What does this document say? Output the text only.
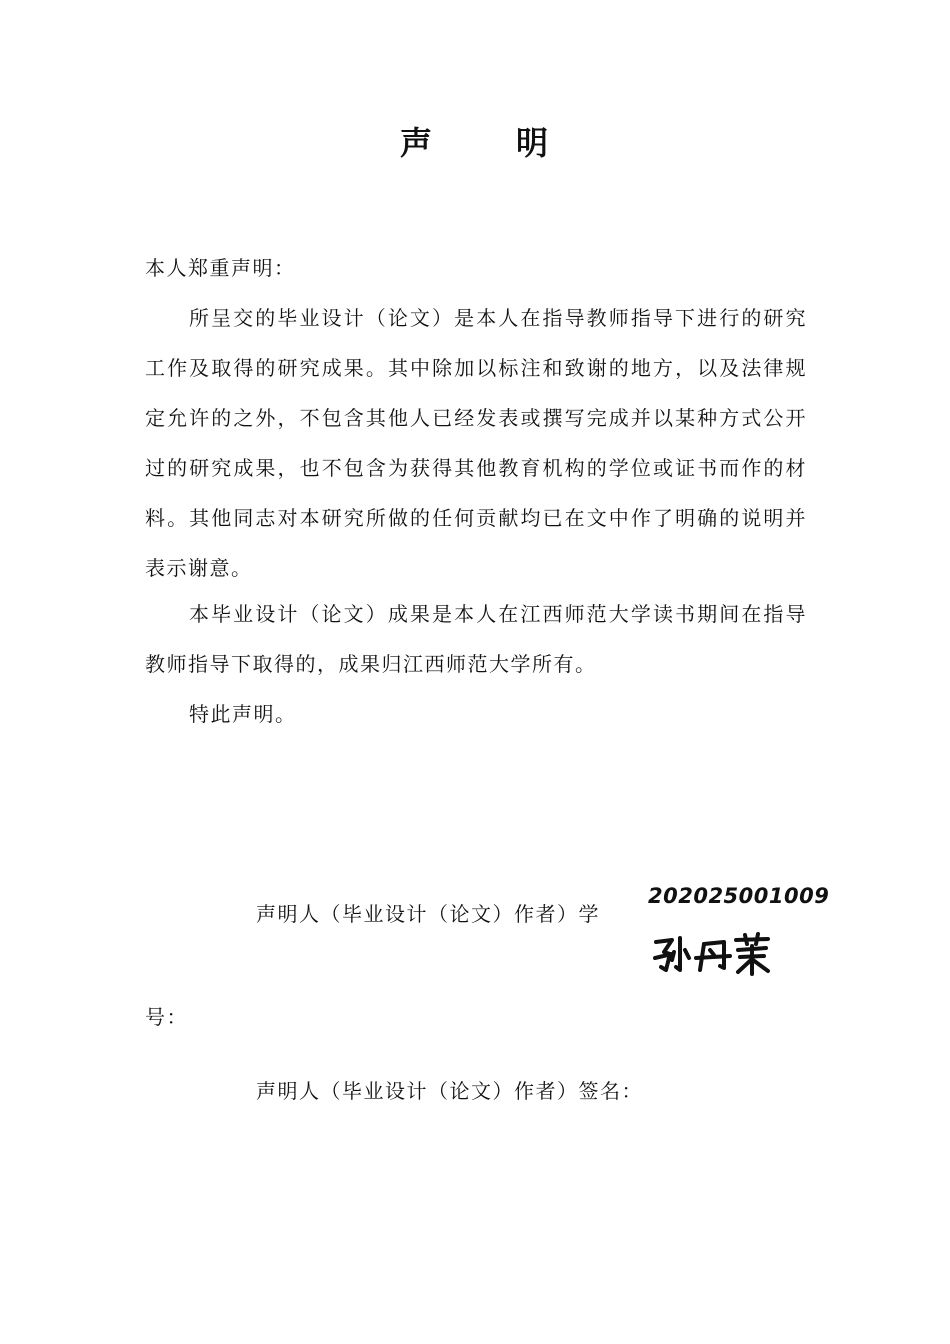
声	明
本人郑重声明：
所呈交的毕业设计（论文）是本人在指导教师指导下进行的研究工作及取得的研究成果。其中除加以标注和致谢的地方，以及法律规定允许的之外，不包含其他人已经发表或撰写完成并以某种方式公开过的研究成果，也不包含为获得其他教育机构的学位或证书而作的材料。其他同志对本研究所做的任何贡献均已在文中作了明确的说明并表示谢意。
本毕业设计（论文）成果是本人在江西师范大学读书期间在指导教师指导下取得的，成果归江西师范大学所有。
特此声明。
声明人（毕业设计（论文）作者）学
202025001009
号：
声明人（毕业设计（论文）作者）签名：
